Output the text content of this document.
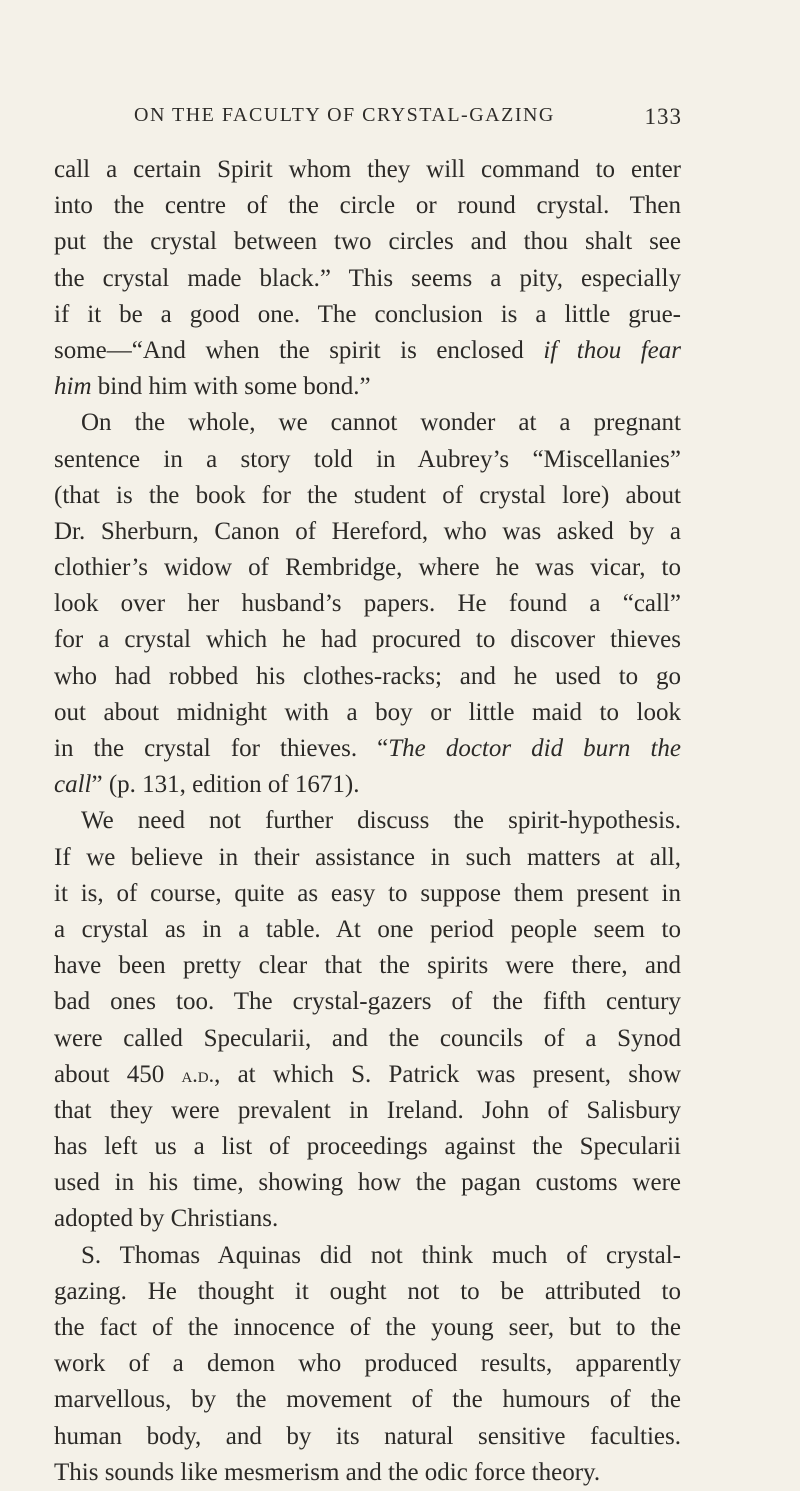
ON THE FACULTY OF CRYSTAL-GAZING	133
call a certain Spirit whom they will command to enter
into the centre of the circle or round crystal. Then
put the crystal between two circles and thou shalt see
the crystal made black.” This seems a pity, especially
if it be a good one. The conclusion is a little grue-
some—“And when the spirit is enclosed if thou fear
him bind him with some bond.”
On the whole, we cannot wonder at a pregnant
sentence in a story told in Aubrey’s “Miscellanies”
(that is the book for the student of crystal lore) about
Dr. Sherburn, Canon of Hereford, who was asked by a
clothier’s widow of Rembridge, where he was vicar, to
look over her husband’s papers. He found a “call”
for a crystal which he had procured to discover thieves
who had robbed his clothes-racks; and he used to go
out about midnight with a boy or little maid to look
in the crystal for thieves. “The doctor did burn the
call” (p. 131, edition of 1671).
We need not further discuss the spirit-hypothesis.
If we believe in their assistance in such matters at all,
it is, of course, quite as easy to suppose them present in
a crystal as in a table. At one period people seem to
have been pretty clear that the spirits were there, and
bad ones too. The crystal-gazers of the fifth century
were called Specularii, and the councils of a Synod
about 450 a.d., at which S. Patrick was present, show
that they were prevalent in Ireland. John of Salisbury
has left us a list of proceedings against the Specularii
used in his time, showing how the pagan customs were
adopted by Christians.
S. Thomas Aquinas did not think much of crystal-
gazing. He thought it ought not to be attributed to
the fact of the innocence of the young seer, but to the
work of a demon who produced results, apparently
marvellous, by the movement of the humours of the
human body, and by its natural sensitive faculties.
This sounds like mesmerism and the odic force theory.
